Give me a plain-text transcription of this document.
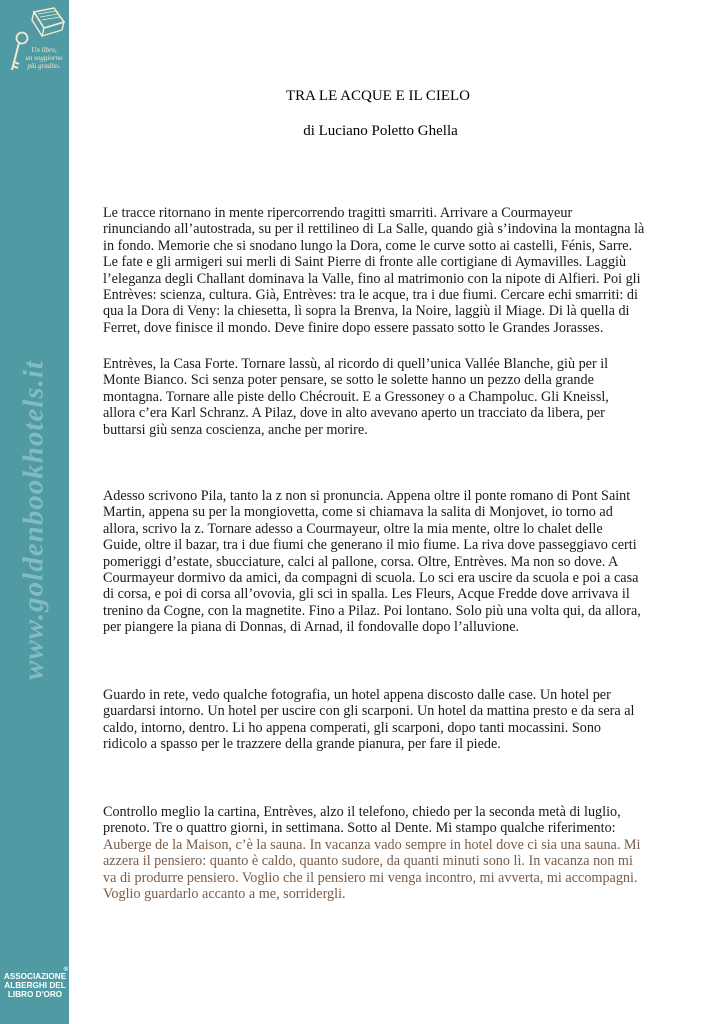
Un libro,
un soggiorno
più gradito.
www.goldenbookhotels.it
®
ASSOCIAZIONE
ALBERGHI DEL
LIBRO D'ORO
TRA LE ACQUE E IL CIELO
di Luciano Poletto Ghella
Le tracce ritornano in mente ripercorrendo tragitti smarriti. Arrivare a Courmayeur
rinunciando all’autostrada, su per il rettilineo di La Salle, quando già s’indovina la montagna là
in fondo. Memorie che si snodano lungo la Dora, come le curve sotto ai castelli, Fénis, Sarre.
Le fate e gli armigeri sui merli di Saint Pierre di fronte alle cortigiane di Aymavilles. Laggiù
l’eleganza degli Challant dominava la Valle, fino al matrimonio con la nipote di Alfieri. Poi gli
Entrèves: scienza, cultura. Già, Entrèves: tra le acque, tra i due fiumi. Cercare echi smarriti: di
qua la Dora di Veny: la chiesetta, lì sopra la Brenva, la Noire, laggiù il Miage. Di là quella di
Ferret, dove finisce il mondo. Deve finire dopo essere passato sotto le Grandes Jorasses.
Entrèves, la Casa Forte. Tornare lassù, al ricordo di quell’unica Vallée Blanche, giù per il
Monte Bianco. Sci senza poter pensare, se sotto le solette hanno un pezzo della grande
montagna. Tornare alle piste dello Chécrouit. E a Gressoney o a Champoluc. Gli Kneissl,
allora c’era Karl Schranz. A Pilaz, dove in alto avevano aperto un tracciato da libera, per
buttarsi giù senza coscienza, anche per morire.
Adesso scrivono Pila, tanto la z non si pronuncia. Appena oltre il ponte romano di Pont Saint
Martin, appena su per la mongiovetta, come si chiamava la salita di Monjovet, io torno ad
allora, scrivo la z. Tornare adesso a Courmayeur, oltre la mia mente, oltre lo chalet delle
Guide, oltre il bazar, tra i due fiumi che generano il mio fiume. La riva dove passeggiavo certi
pomeriggi d’estate, sbucciature, calci al pallone, corsa. Oltre, Entrèves. Ma non so dove. A
Courmayeur dormivo da amici, da compagni di scuola. Lo sci era uscire da scuola e poi a casa
di corsa, e poi di corsa all’ovovia, gli sci in spalla. Les Fleurs, Acque Fredde dove arrivava il
trenino da Cogne, con la magnetite. Fino a Pilaz. Poi lontano. Solo più una volta qui, da allora,
per piangere la piana di Donnas, di Arnad, il fondovalle dopo l’alluvione.
Guardo in rete, vedo qualche fotografia, un hotel appena discosto dalle case. Un hotel per
guardarsi intorno. Un hotel per uscire con gli scarponi. Un hotel da mattina presto e da sera al
caldo, intorno, dentro. Li ho appena comperati, gli scarponi, dopo tanti mocassini. Sono
ridicolo a spasso per le trazzere della grande pianura, per fare il piede.
Controllo meglio la cartina, Entrèves, alzo il telefono, chiedo per la seconda metà di luglio,
prenoto. Tre o quattro giorni, in settimana. Sotto al Dente. Mi stampo qualche riferimento:
Auberge de la Maison, c’è la sauna. In vacanza vado sempre in hotel dove ci sia una sauna. Mi
azzera il pensiero: quanto è caldo, quanto sudore, da quanti minuti sono lì. In vacanza non mi
va di produrre pensiero. Voglio che il pensiero mi venga incontro, mi avverta, mi accompagni.
Voglio guardarlo accanto a me, sorridergli.
